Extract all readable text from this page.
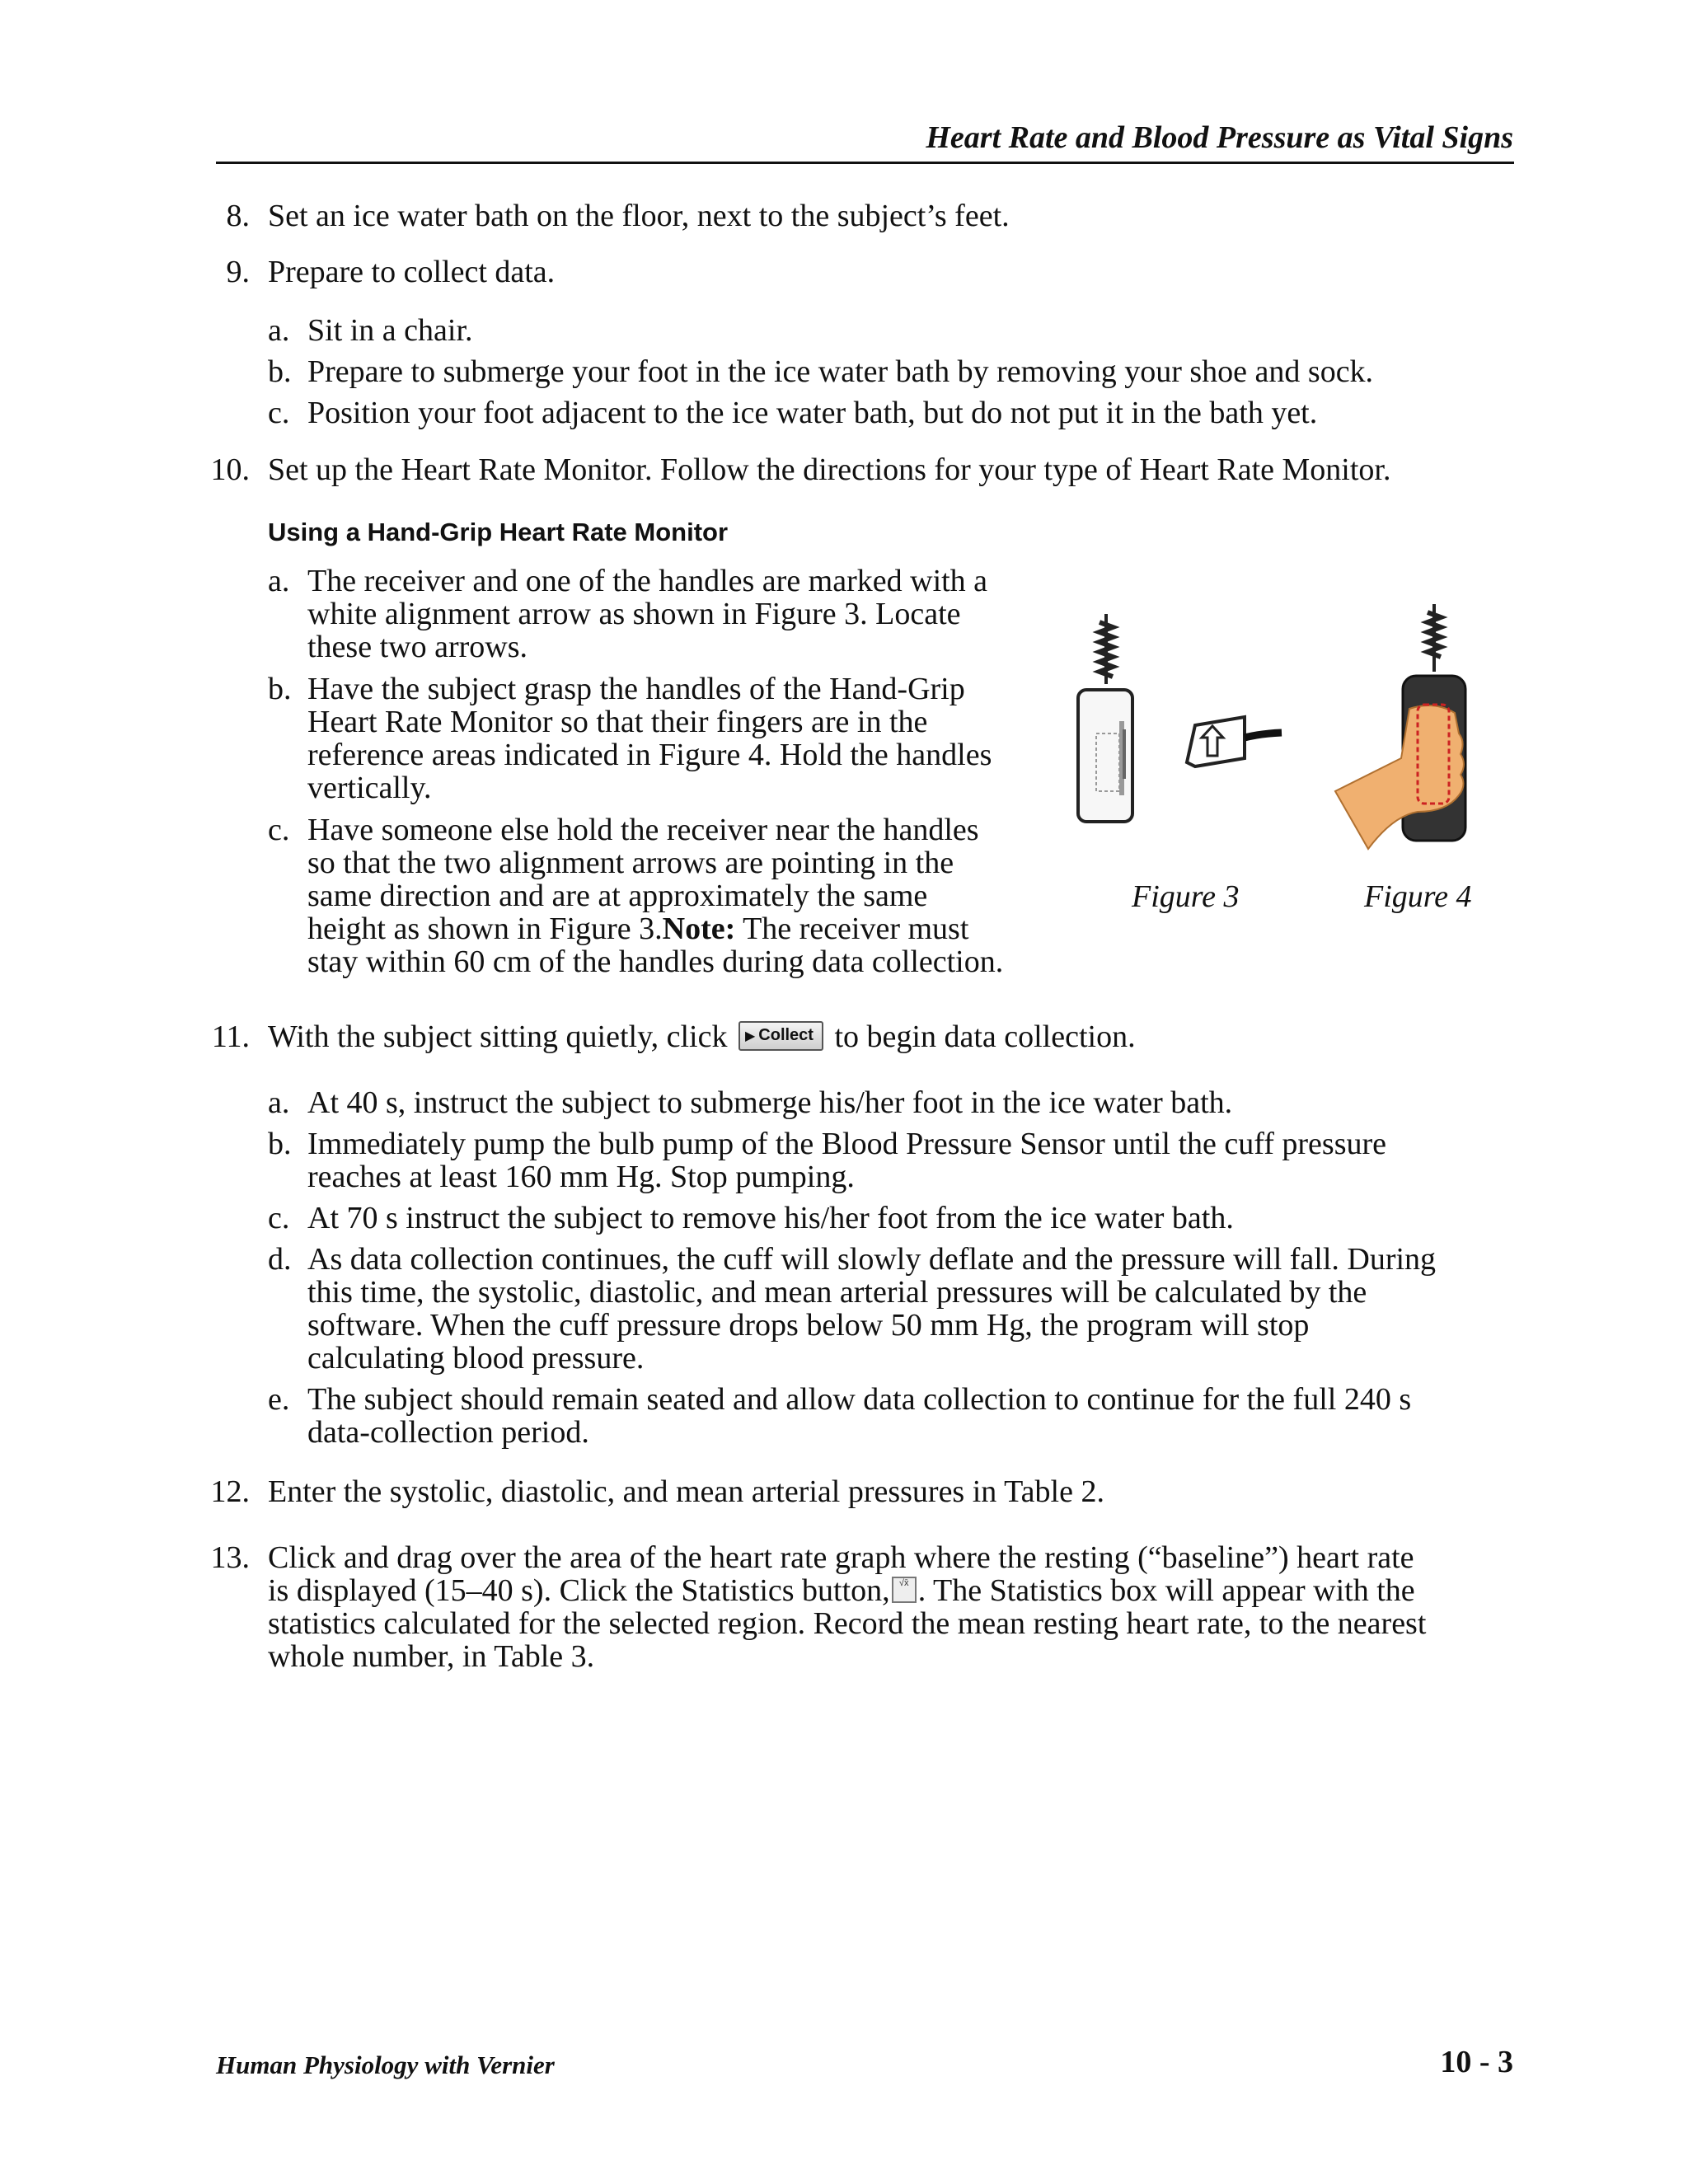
Heart Rate and Blood Pressure as Vital Signs
8. Set an ice water bath on the floor, next to the subject’s feet.
9. Prepare to collect data.
a. Sit in a chair.
b. Prepare to submerge your foot in the ice water bath by removing your shoe and sock.
c. Position your foot adjacent to the ice water bath, but do not put it in the bath yet.
10. Set up the Heart Rate Monitor. Follow the directions for your type of Heart Rate Monitor.
Using a Hand-Grip Heart Rate Monitor
a. The receiver and one of the handles are marked with a
white alignment arrow as shown in Figure 3. Locate
these two arrows.
b. Have the subject grasp the handles of the Hand-Grip
Heart Rate Monitor so that their fingers are in the
reference areas indicated in Figure 4. Hold the handles
vertically.
c. Have someone else hold the receiver near the handles
so that the two alignment arrows are pointing in the
same direction and are at approximately the same
height as shown in Figure 3.Note: The receiver must
stay within 60 cm of the handles during data collection.
Figure 3	Figure 4
11. With the subject sitting quietly, click ▶ Collect to begin data collection.
a. At 40 s, instruct the subject to submerge his/her foot in the ice water bath.
b. Immediately pump the bulb pump of the Blood Pressure Sensor until the cuff pressure
reaches at least 160 mm Hg. Stop pumping.
c. At 70 s instruct the subject to remove his/her foot from the ice water bath.
d. As data collection continues, the cuff will slowly deflate and the pressure will fall. During
this time, the systolic, diastolic, and mean arterial pressures will be calculated by the
software. When the cuff pressure drops below 50 mm Hg, the program will stop
calculating blood pressure.
e. The subject should remain seated and allow data collection to continue for the full 240 s
data-collection period.
12. Enter the systolic, diastolic, and mean arterial pressures in Table 2.
13. Click and drag over the area of the heart rate graph where the resting (“baseline”) heart rate
is displayed (15–40 s). Click the Statistics button, √x̄ . The Statistics box will appear with the
statistics calculated for the selected region. Record the mean resting heart rate, to the nearest
whole number, in Table 3.
Human Physiology with Vernier	10 - 3
